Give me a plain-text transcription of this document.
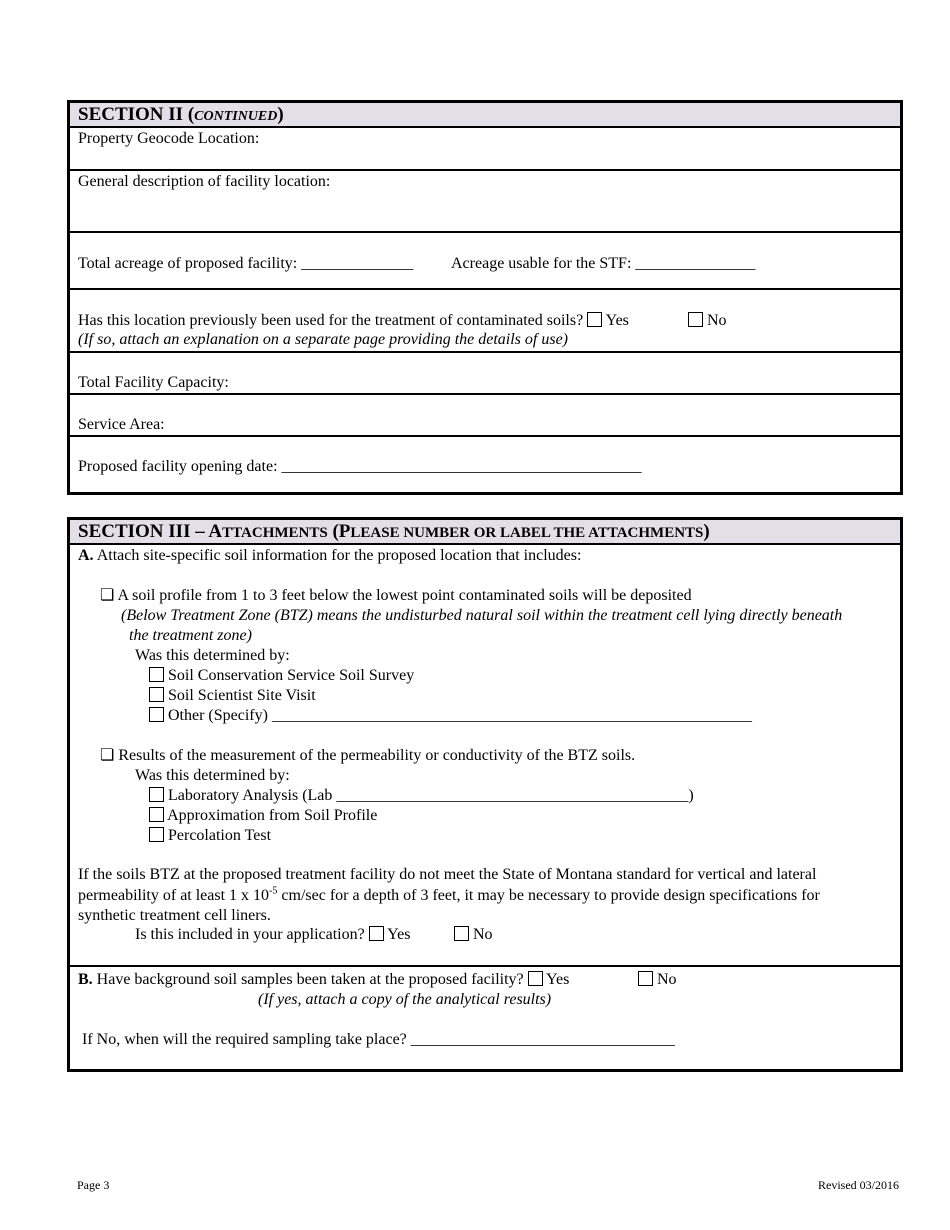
SECTION II (CONTINUED)
Property Geocode Location:
General description of facility location:
Total acreage of proposed facility: ______________ Acreage usable for the STF: _______________
Has this location previously been used for the treatment of contaminated soils? Yes	No
(If so, attach an explanation on a separate page providing the details of use)
Total Facility Capacity:
Service Area:
Proposed facility opening date: _____________________________________________
SECTION III – ATTACHMENTS (PLEASE NUMBER OR LABEL THE ATTACHMENTS)
A. Attach site-specific soil information for the proposed location that includes:
❏ A soil profile from 1 to 3 feet below the lowest point contaminated soils will be deposited
(Below Treatment Zone (BTZ) means the undisturbed natural soil within the treatment cell lying directly beneath
the treatment zone)
Was this determined by:
Soil Conservation Service Soil Survey
Soil Scientist Site Visit
Other (Specify) ____________________________________________________________
❏ Results of the measurement of the permeability or conductivity of the BTZ soils.
Was this determined by:
Laboratory Analysis (Lab ____________________________________________)
Approximation from Soil Profile
Percolation Test
If the soils BTZ at the proposed treatment facility do not meet the State of Montana standard for vertical and lateral
permeability of at least 1 x $10^{-5}$ cm/sec for a depth of 3 feet, it may be necessary to provide design specifications for
synthetic treatment cell liners.
Is this included in your application? Yes	No
B. Have background soil samples been taken at the proposed facility? Yes	No
(If yes, attach a copy of the analytical results)
If No, when will the required sampling take place? _________________________________
Page 3	Revised 03/2016
